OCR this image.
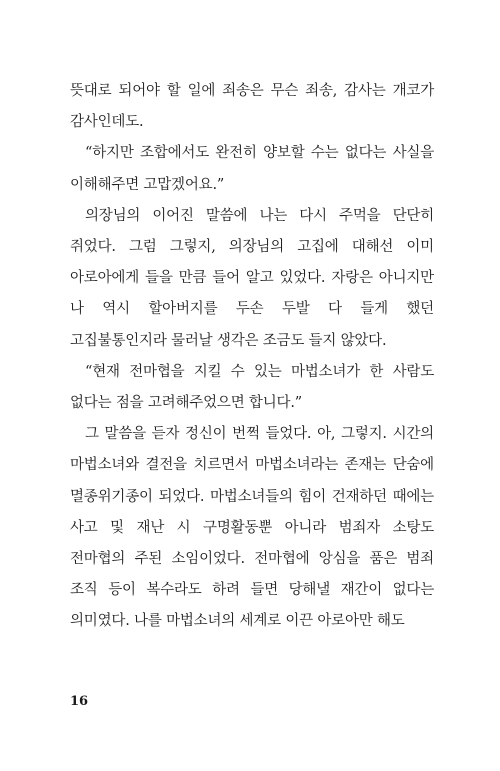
뜻대로 되어야 할 일에 죄송은 무슨 죄송, 감사는 개코가 감사인데도.

“하지만 조합에서도 완전히 양보할 수는 없다는 사실을 이해해주면 고맙겠어요.”

의장님의 이어진 말씀에 나는 다시 주먹을 단단히 쥐었다. 그럼 그렇지, 의장님의 고집에 대해선 이미 아로아에게 들을 만큼 들어 알고 있었다. 자랑은 아니지만 나 역시 할아버지를 두손 두발 다 들게 했던 고집불통인지라 물러날 생각은 조금도 들지 않았다.

“현재 전마협을 지킬 수 있는 마법소녀가 한 사람도 없다는 점을 고려해주었으면 합니다.”

그 말씀을 듣자 정신이 번쩍 들었다. 아, 그렇지. 시간의 마법소녀와 결전을 치르면서 마법소녀라는 존재는 단숨에 멸종위기종이 되었다. 마법소녀들의 힘이 건재하던 때에는 사고 및 재난 시 구명활동뿐 아니라 범죄자 소탕도 전마협의 주된 소임이었다. 전마협에 앙심을 품은 범죄 조직 등이 복수라도 하려 들면 당해낼 재간이 없다는 의미였다. 나를 마법소녀의 세계로 이끈 아로아만 해도

16
